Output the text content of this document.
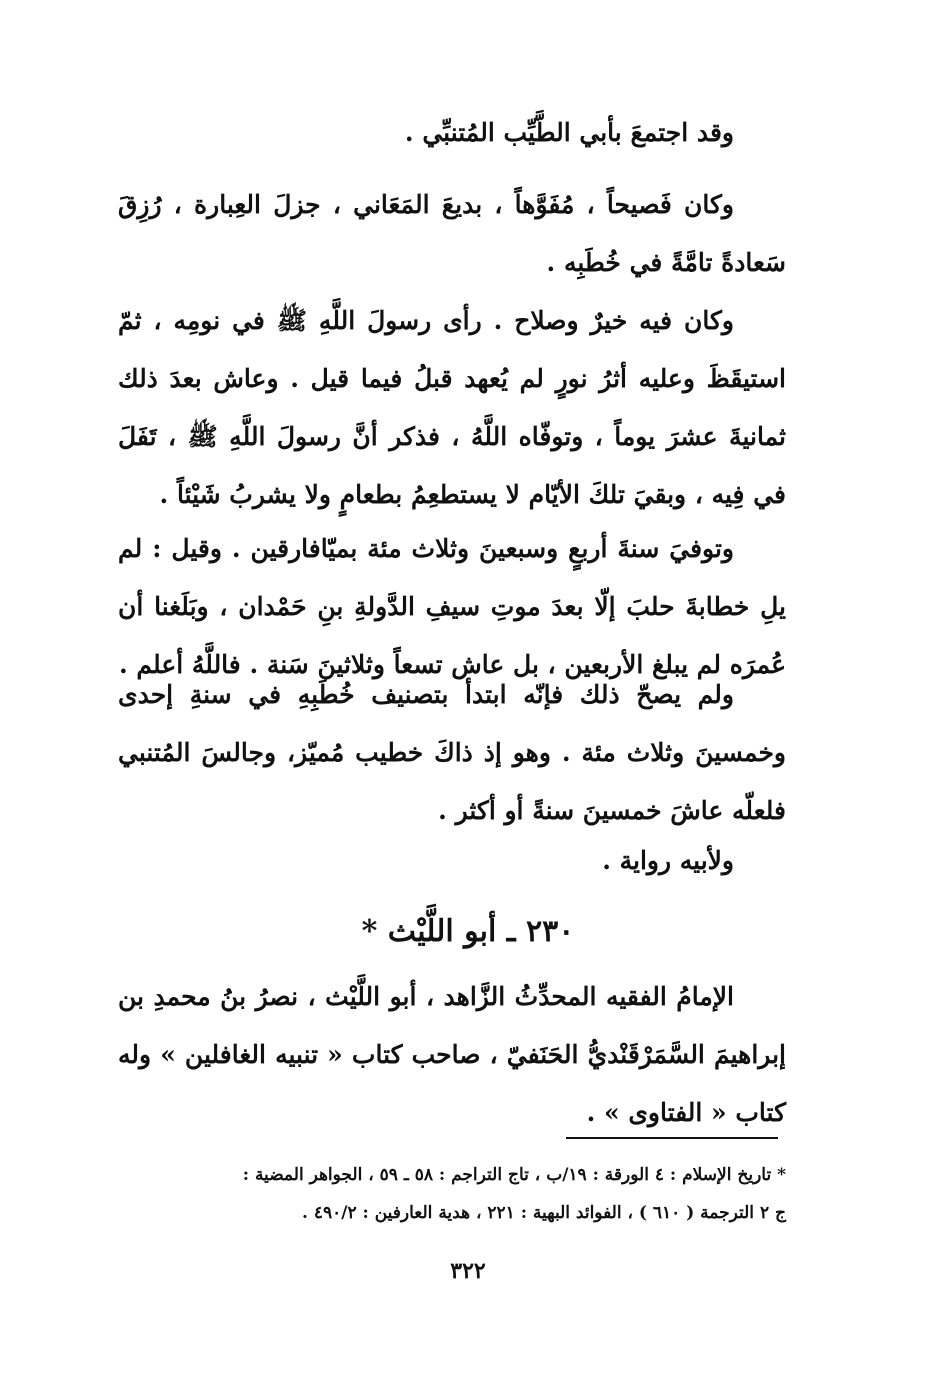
وقد اجتمعَ بأبي الطَّيِّب المُتنبِّي .

وكان فَصيحاً ، مُفَوَّهاً ، بديعَ المَعَاني ، جزلَ العِبارة ، رُزِقَ سَعادةً تامَّةً في خُطَبِه .

وكان فيه خيرٌ وصلاح . رأى رسولَ اللَّهِ ﷺ في نومِه ، ثمّ استيقَظَ وعليه أثرُ نورٍ لم يُعهد قبلُ فيما قيل . وعاش بعدَ ذلك ثمانيةَ عشرَ يوماً ، وتوفّاه اللَّهُ ، فذكر أنَّ رسولَ اللَّهِ ﷺ ، تَفَلَ في فِيه ، وبقيَ تلكَ الأيّام لا يستطعِمُ بطعامٍ ولا يشربُ شَيْئاً .

وتوفيَ سنةَ أربعٍ وسبعينَ وثلاث مئة بميّافارقين . وقيل : لم يلِ خطابةَ حلبَ إلّا بعدَ موتِ سيفِ الدَّولةِ بنِ حَمْدان ، وبَلَغنا أن عُمرَه لم يبلغ الأربعين ، بل عاش تسعاً وثلاثينَ سَنة . فاللَّهُ أعلم .

ولم يصحّ ذلك فإنّه ابتدأ بتصنيف خُطَبِهِ في سنةِ إحدى وخمسينَ وثلاث مئة . وهو إذ ذاكَ خطيب مُميّز، وجالسَ المُتنبي فلعلّه عاشَ خمسينَ سنةً أو أكثر .

ولأبيه رواية .

٢٣٠ ـ أبو اللَّيْث *

الإمامُ الفقيه المحدِّثُ الزَّاهد ، أبو اللَّيْث ، نصرُ بنُ محمدِ بن إبراهيمَ السَّمَرْقَنْديُّ الحَنَفيّ ، صاحب كتاب « تنبيه الغافلين » وله كتاب « الفتاوى » .

* تاريخ الإسلام : ٤ الورقة : ١٩/ب ، تاج التراجم : ٥٨ ـ ٥٩ ، الجواهر المضية :

ج ٢ الترجمة ( ٦١٠ ) ، الفوائد البهية : ٢٢١ ، هدية العارفين : ٤٩٠/٢ .

٣٢٢
